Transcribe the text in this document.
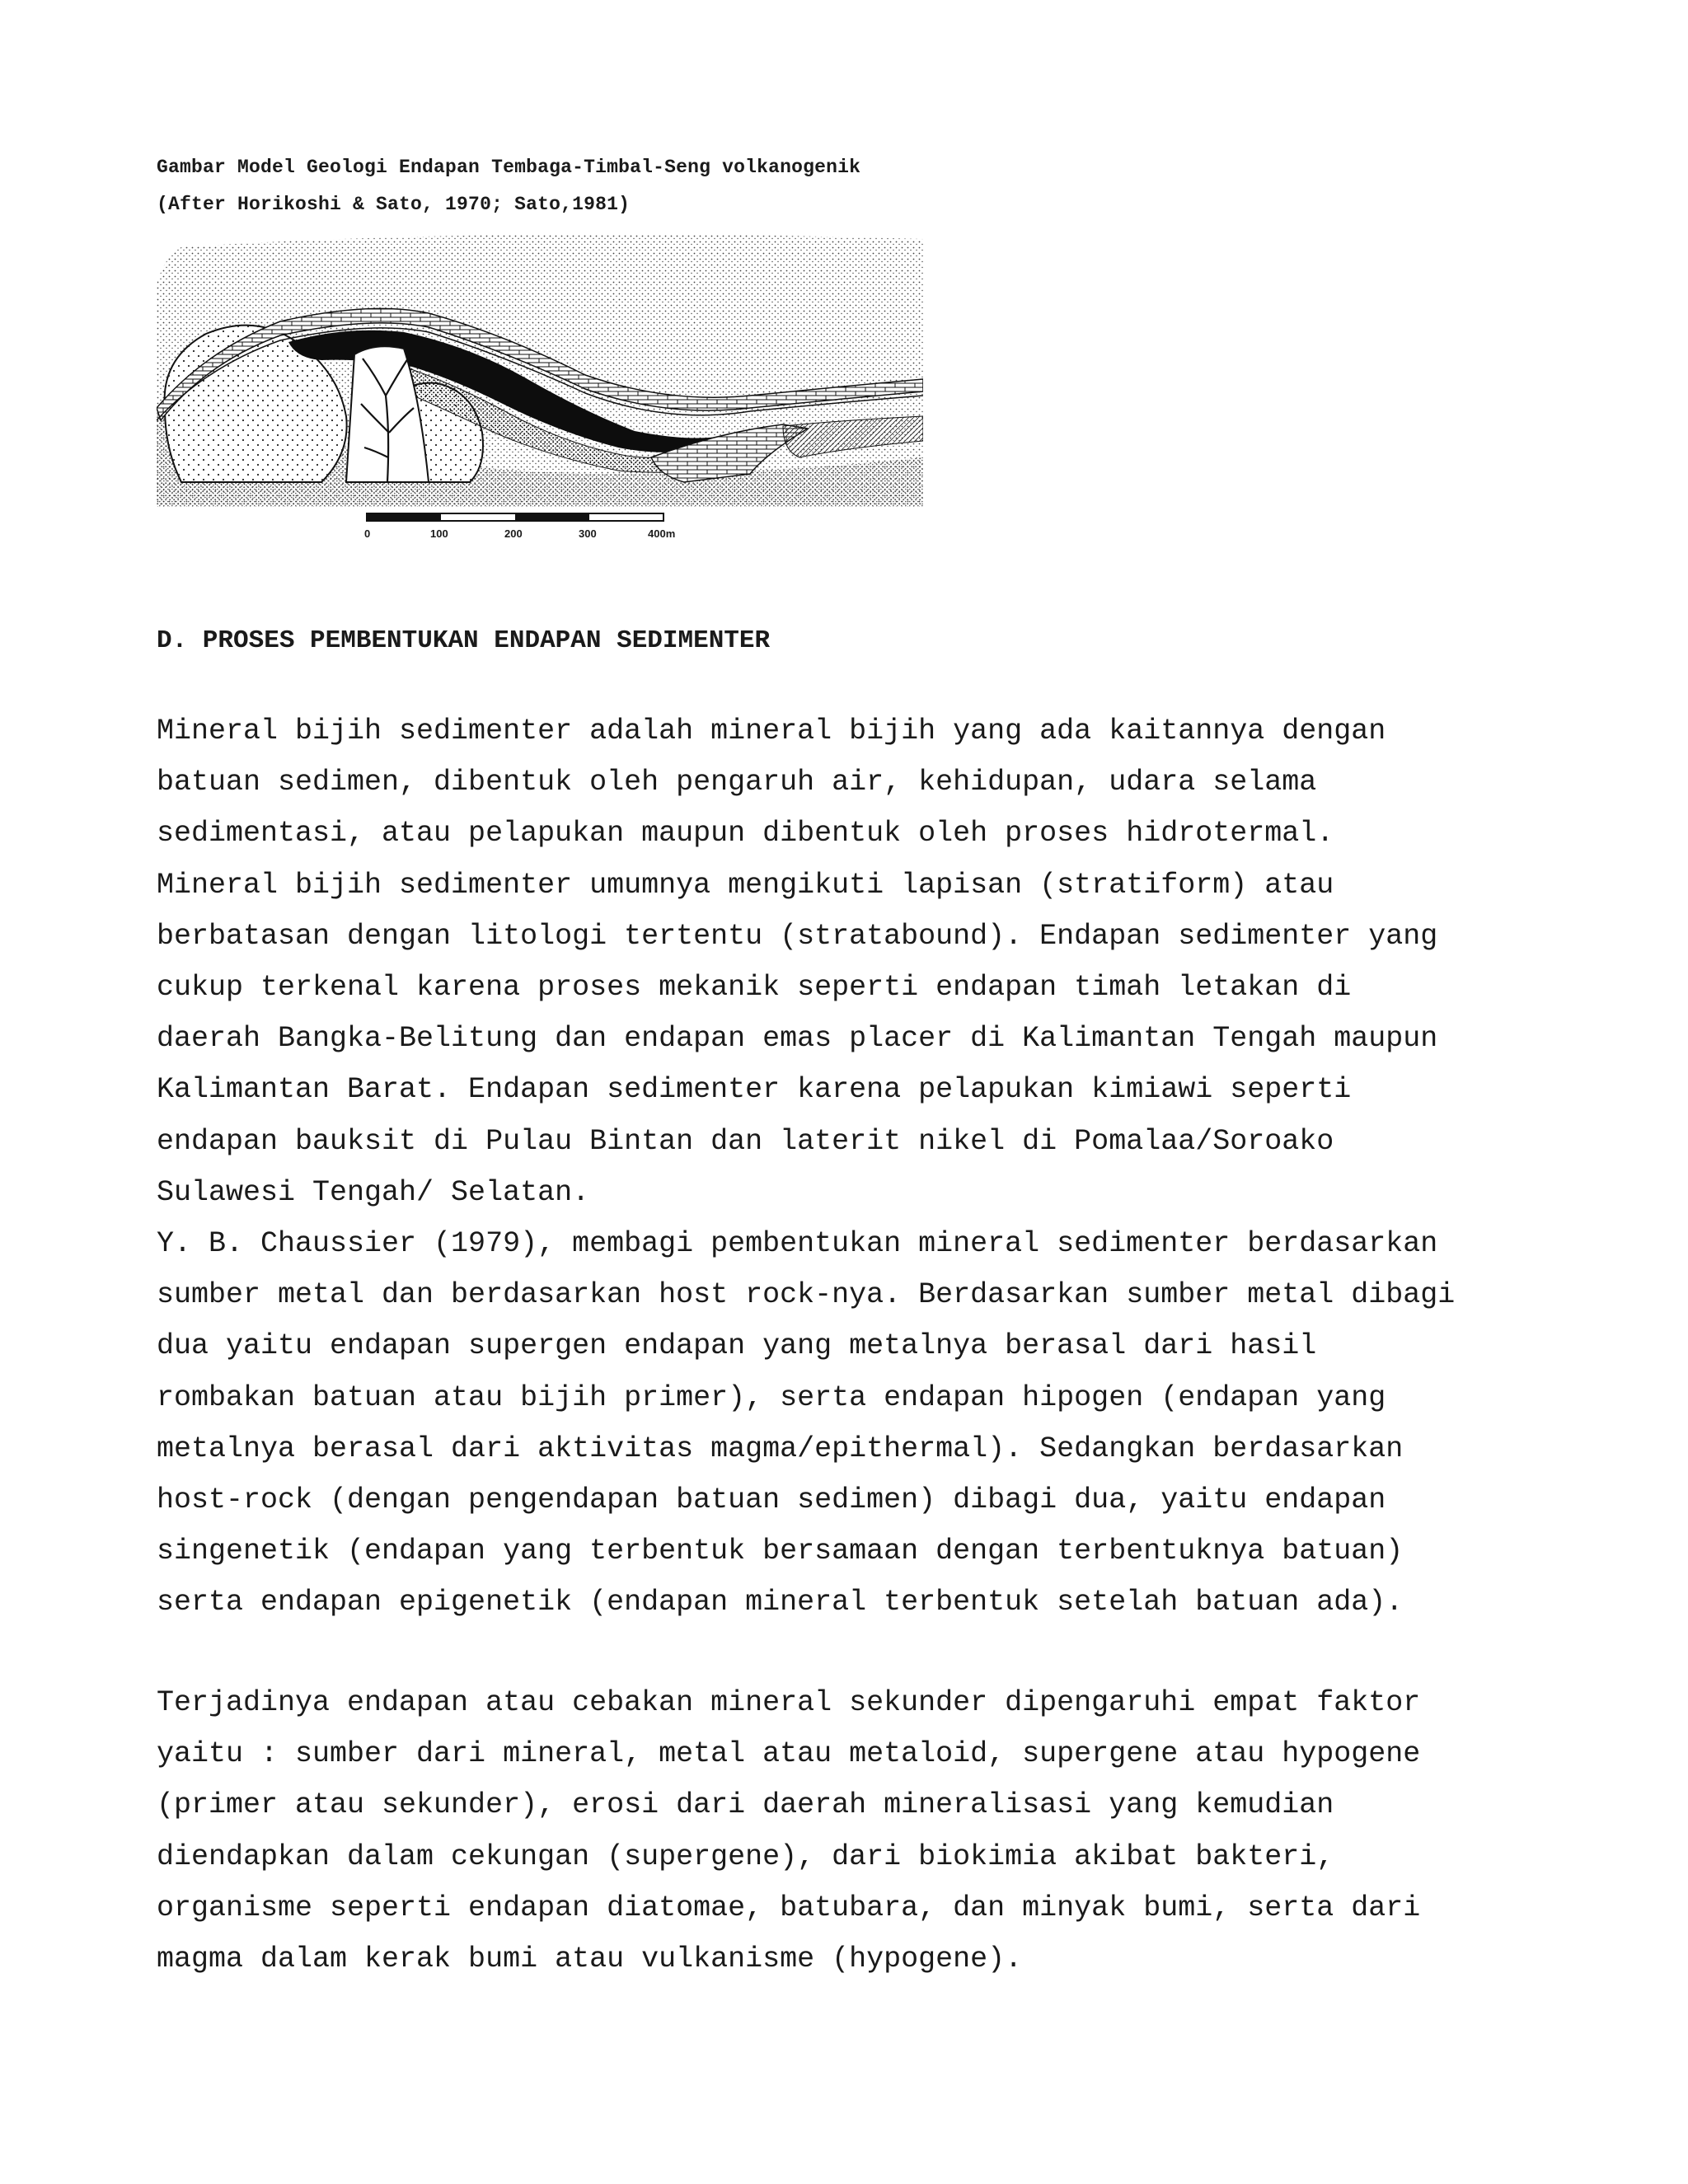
Gambar Model Geologi Endapan Tembaga-Timbal-Seng volkanogenik
(After Horikoshi & Sato, 1970; Sato,1981)
0	100	200	300	400m
D. PROSES PEMBENTUKAN ENDAPAN SEDIMENTER

Mineral bijih sedimenter adalah mineral bijih yang ada kaitannya dengan
batuan sedimen, dibentuk oleh pengaruh air, kehidupan, udara selama
sedimentasi, atau pelapukan maupun dibentuk oleh proses hidrotermal.
Mineral bijih sedimenter umumnya mengikuti lapisan (stratiform) atau
berbatasan dengan litologi tertentu (stratabound). Endapan sedimenter yang
cukup terkenal karena proses mekanik seperti endapan timah letakan di
daerah Bangka-Belitung dan endapan emas placer di Kalimantan Tengah maupun
Kalimantan Barat. Endapan sedimenter karena pelapukan kimiawi seperti
endapan bauksit di Pulau Bintan dan laterit nikel di Pomalaa/Soroako
Sulawesi Tengah/ Selatan.

Y. B. Chaussier (1979), membagi pembentukan mineral sedimenter berdasarkan
sumber metal dan berdasarkan host rock-nya. Berdasarkan sumber metal dibagi
dua yaitu endapan supergen endapan yang metalnya berasal dari hasil
rombakan batuan atau bijih primer), serta endapan hipogen (endapan yang
metalnya berasal dari aktivitas magma/epithermal). Sedangkan berdasarkan
host-rock (dengan pengendapan batuan sedimen) dibagi dua, yaitu endapan
singenetik (endapan yang terbentuk bersamaan dengan terbentuknya batuan)
serta endapan epigenetik (endapan mineral terbentuk setelah batuan ada).

Terjadinya endapan atau cebakan mineral sekunder dipengaruhi empat faktor
yaitu : sumber dari mineral, metal atau metaloid, supergene atau hypogene
(primer atau sekunder), erosi dari daerah mineralisasi yang kemudian
diendapkan dalam cekungan (supergene), dari biokimia akibat bakteri,
organisme seperti endapan diatomae, batubara, dan minyak bumi, serta dari
magma dalam kerak bumi atau vulkanisme (hypogene).
